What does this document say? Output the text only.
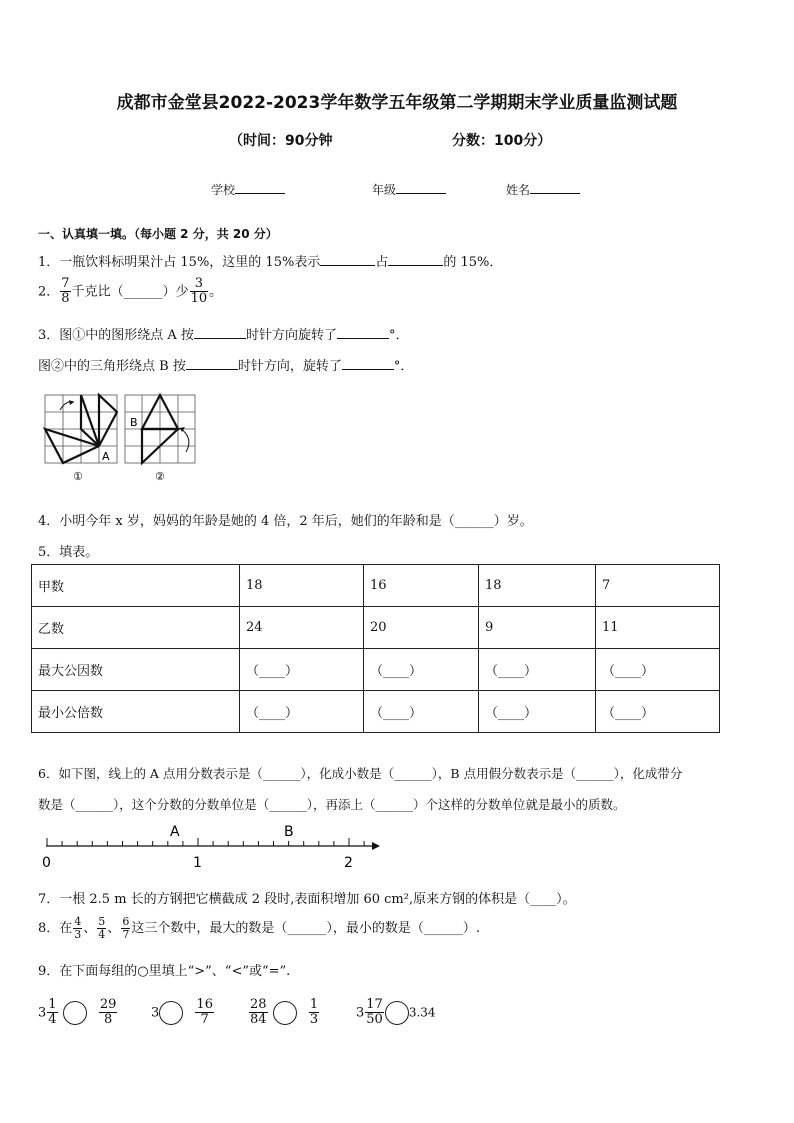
成都市金堂县2022-2023学年数学五年级第二学期期末学业质量监测试题
（时间：90分钟	分数：100分）
学校	年级	姓名
一、认真填一填。（每小题 2 分，共 20 分）
1．一瓶饮料标明果汁占 15%，这里的 15%表示	占	的 15%．
2． $\frac{7}{8}$ 千克比（______）少 $\frac{3}{10}$ 。
3．图①中的图形绕点 A 按	时针方向旋转了	°．
图②中的三角形绕点 B 按	时针方向，旋转了	°．
A
①
B
②
4．小明今年 x 岁，妈妈的年龄是她的 4 倍，2 年后，她们的年龄和是（______）岁。
5．填表。
甲数	18	16	18	7
乙数	24	20	9	11
最大公因数	（____）	（____）	（____）	（____）
最小公倍数	（____）	（____）	（____）	（____）
6．如下图，线上的 A 点用分数表示是（______），化成小数是（______），B 点用假分数表示是（______），化成带分
数是（______），这个分数的分数单位是（______），再添上（______）个这样的分数单位就是最小的质数。
A	B
0	1	2
7．一根 2.5 m 长的方钢把它横截成 2 段时,表面积增加 60 cm²,原来方钢的体积是（____）。
8．在 $\frac{4}{3}$ 、 $\frac{5}{4}$ 、 $\frac{6}{7}$ 这三个数中，最大的数是（______），最小的数是（______）.
9．在下面每组的○里填上“>”、“<”或“=”.
$3 \frac{1}{4}$
	$\frac{29}{8}$	3	$\frac{16}{7}$	$\frac{28}{84}$
	$\frac{1}{3}$	$3 \frac{17}{50} 3.34$
